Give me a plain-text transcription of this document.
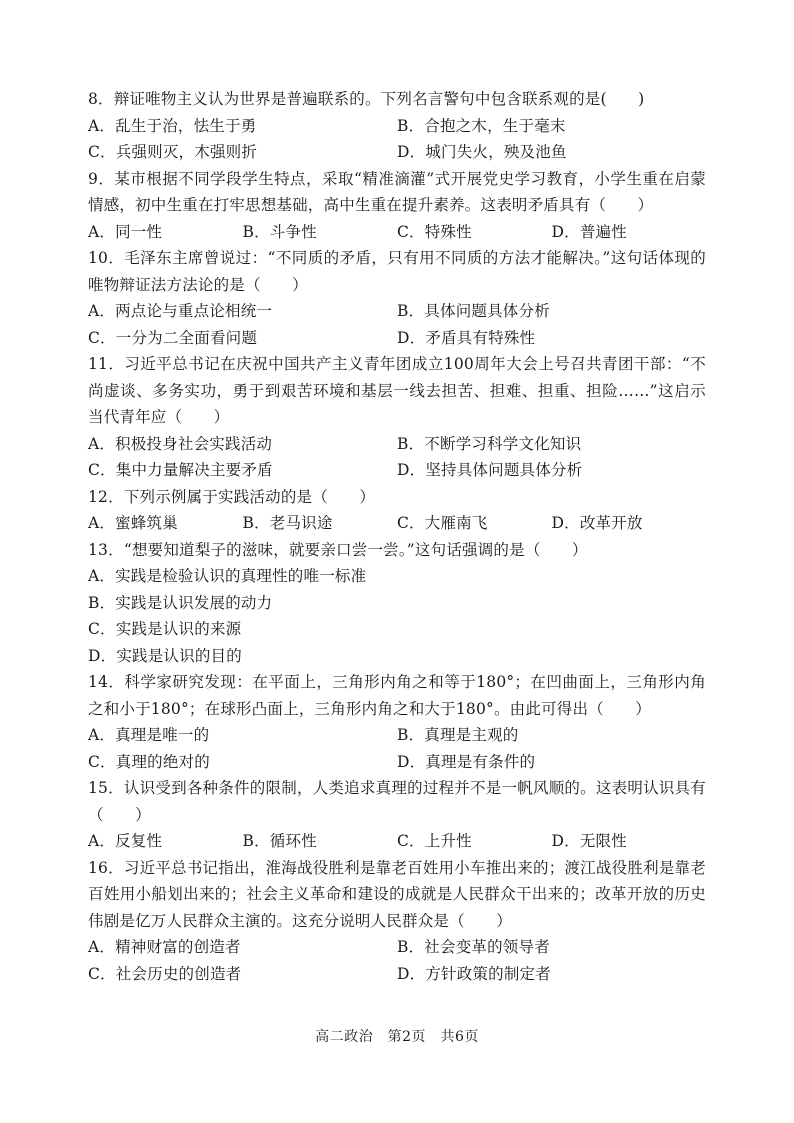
8．辩证唯物主义认为世界是普遍联系的。下列名言警句中包含联系观的是(　　)

A．乱生于治，怯生于勇	B．合抱之木，生于毫末
C．兵强则灭，木强则折	D．城门失火，殃及池鱼

9．某市根据不同学段学生特点，采取“精准滴灌”式开展党史学习教育，小学生重在启蒙情感，初中生重在打牢思想基础，高中生重在提升素养。这表明矛盾具有（　　）

A．同一性	B．斗争性	C．特殊性	D．普遍性

10．毛泽东主席曾说过：“不同质的矛盾，只有用不同质的方法才能解决。”这句话体现的唯物辩证法方法论的是（　　）

A．两点论与重点论相统一	B．具体问题具体分析
C．一分为二全面看问题	D．矛盾具有特殊性

11．习近平总书记在庆祝中国共产主义青年团成立100周年大会上号召共青团干部：“不尚虚谈、多务实功，勇于到艰苦环境和基层一线去担苦、担难、担重、担险……”这启示当代青年应（　　）

A．积极投身社会实践活动	B．不断学习科学文化知识
C．集中力量解决主要矛盾	D．坚持具体问题具体分析

12．下列示例属于实践活动的是（　　）

A．蜜蜂筑巢	B．老马识途	C．大雁南飞	D．改革开放

13．“想要知道梨子的滋味，就要亲口尝一尝。”这句话强调的是（　　）

A．实践是检验认识的真理性的唯一标准
B．实践是认识发展的动力
C．实践是认识的来源
D．实践是认识的目的

14．科学家研究发现：在平面上，三角形内角之和等于180°；在凹曲面上，三角形内角之和小于180°；在球形凸面上，三角形内角之和大于180°。由此可得出（　　）

A．真理是唯一的	B．真理是主观的
C．真理的绝对的	D．真理是有条件的

15．认识受到各种条件的限制，人类追求真理的过程并不是一帆风顺的。这表明认识具有（　　）

A．反复性	B．循环性	C．上升性	D．无限性

16．习近平总书记指出，淮海战役胜利是靠老百姓用小车推出来的；渡江战役胜利是靠老百姓用小船划出来的；社会主义革命和建设的成就是人民群众干出来的；改革开放的历史伟剧是亿万人民群众主演的。这充分说明人民群众是（　　）

A．精神财富的创造者	B．社会变革的领导者
C．社会历史的创造者	D．方针政策的制定者
高二政治　第2页　共6页
